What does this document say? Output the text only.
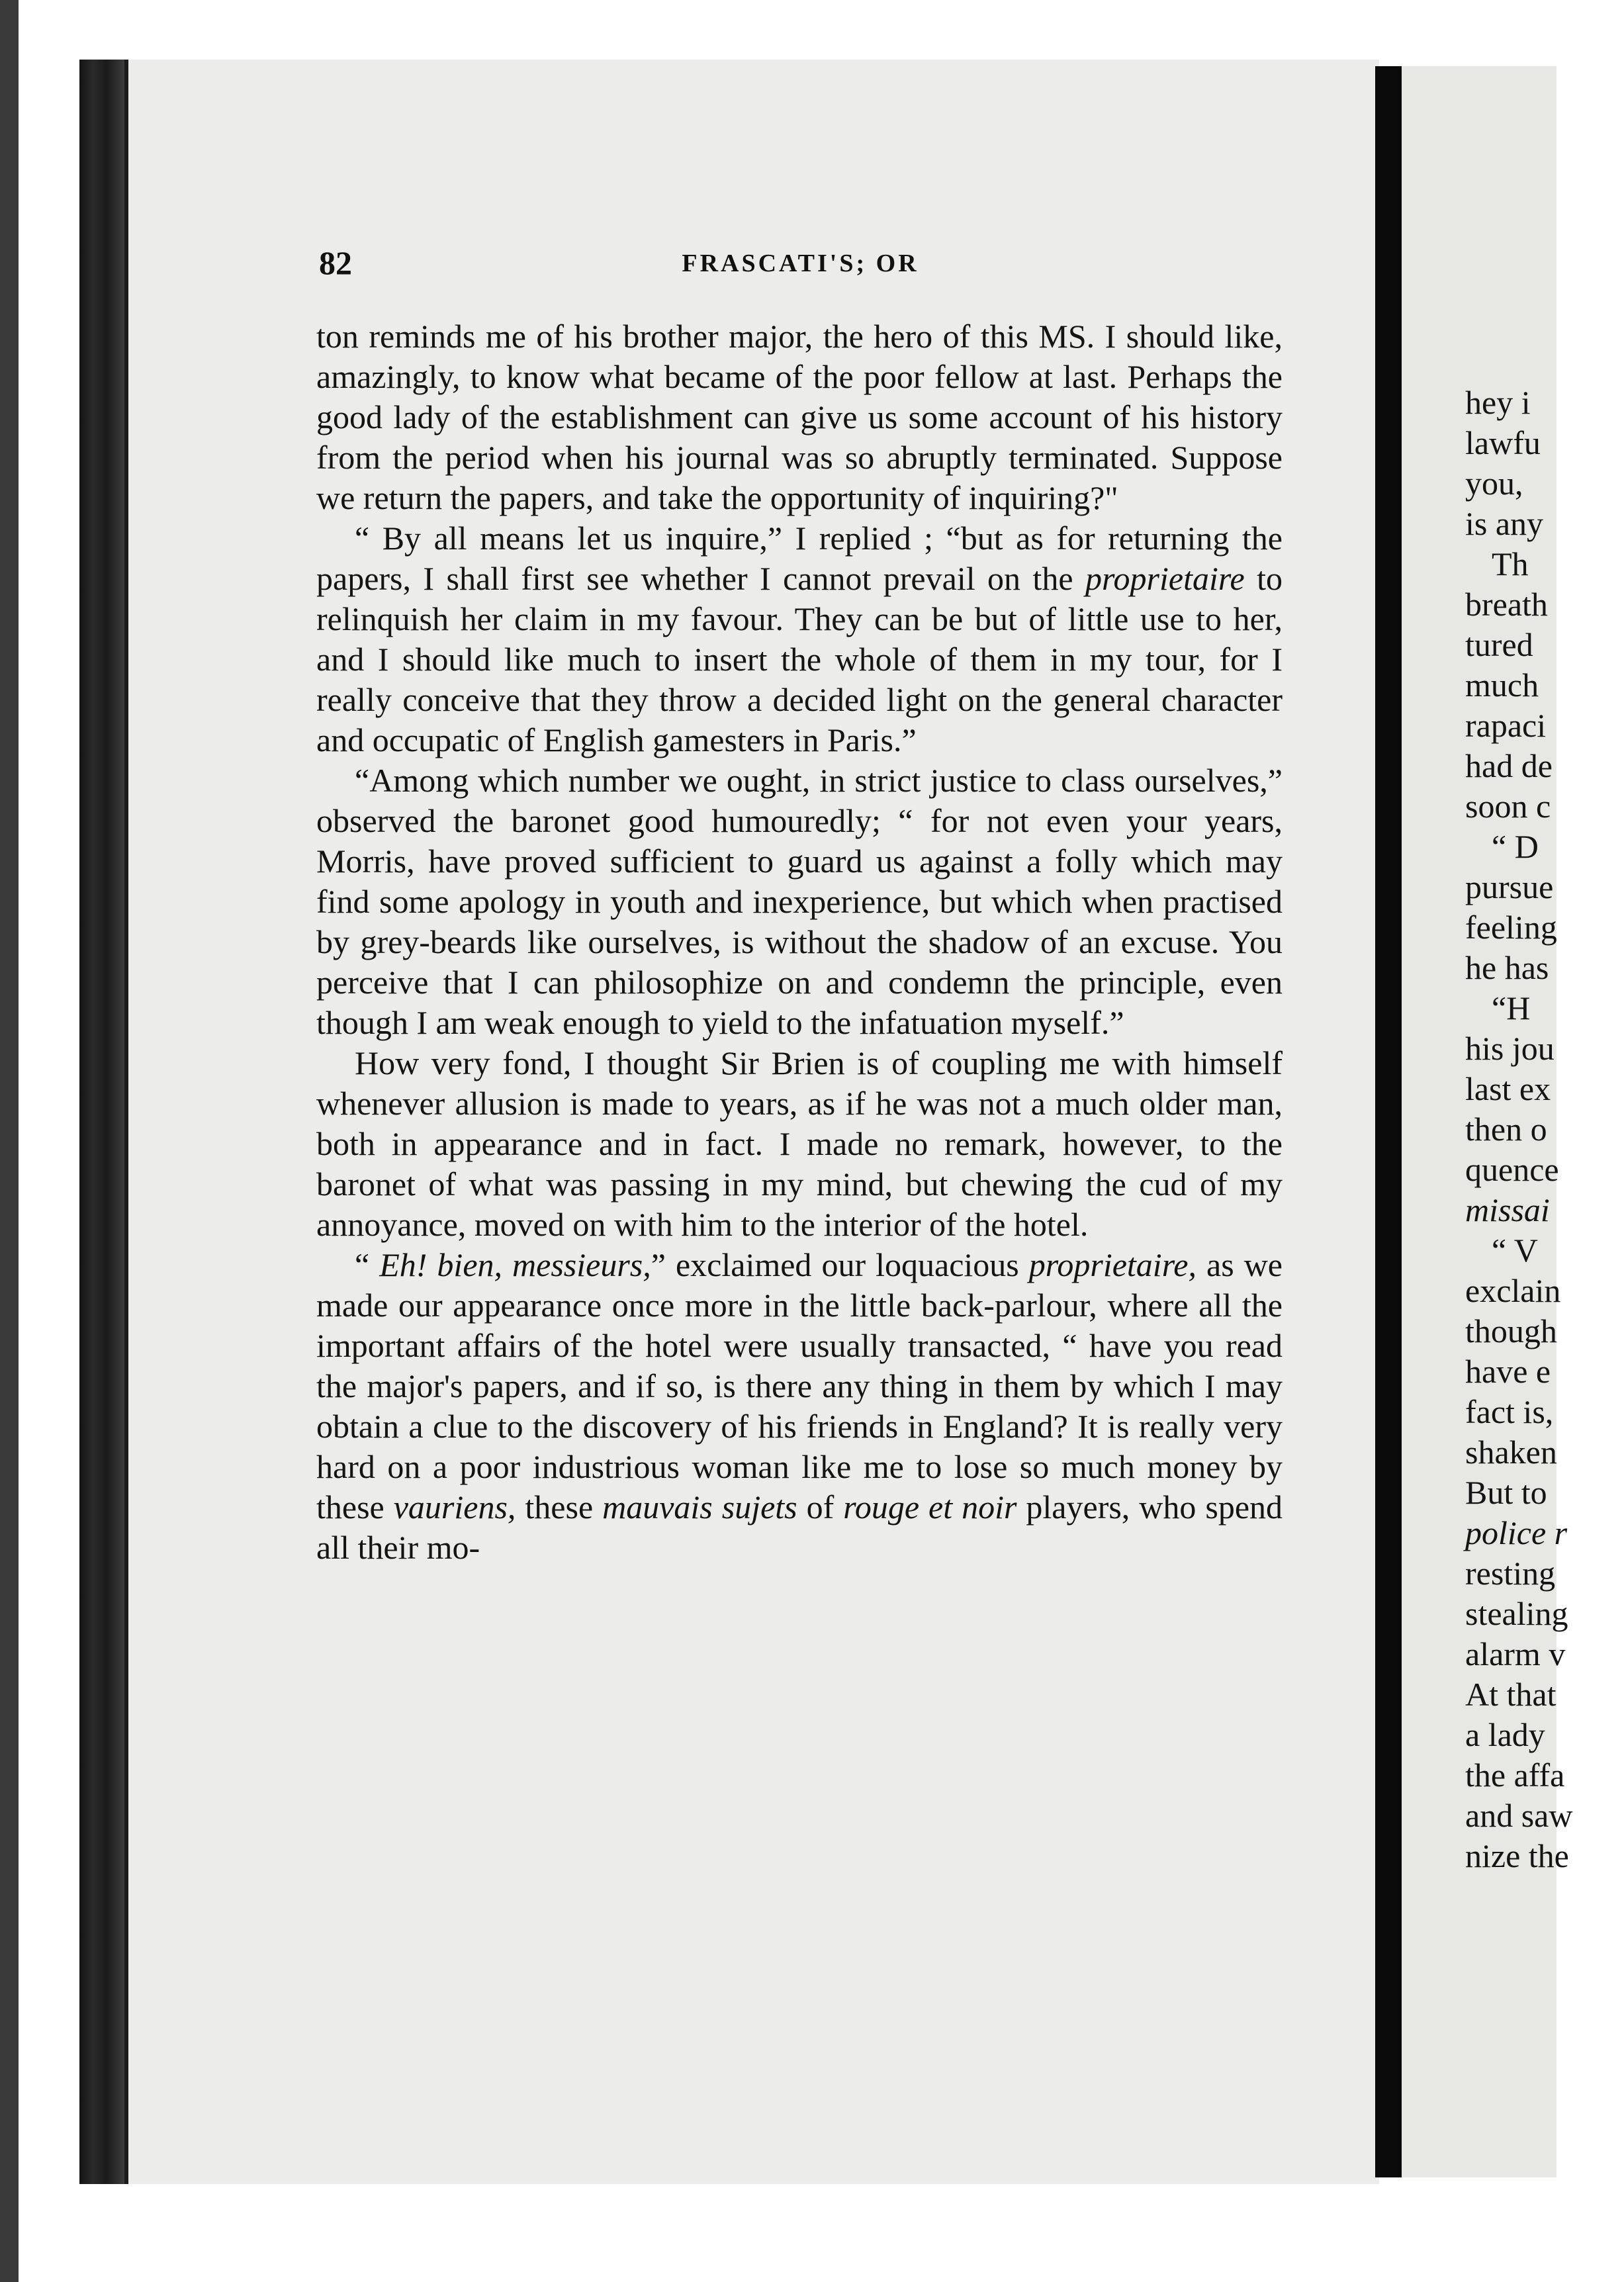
82	FRASCATI'S; OR

ton reminds me of his brother major, the hero of this MS. I should like, amazingly, to know what became of the poor fellow at last. Perhaps the good lady of the establishment can give us some account of his history from the period when his journal was so abruptly terminated. Suppose we return the papers, and take the opportunity of inquiring?"

“ By all means let us inquire,” I replied ; “but as for returning the papers, I shall first see whether I cannot prevail on the proprietaire to relinquish her claim in my favour. They can be but of little use to her, and I should like much to insert the whole of them in my tour, for I really conceive that they throw a decided light on the general character and occupatic of English gamesters in Paris.”

“Among which number we ought, in strict justice to class ourselves,” observed the baronet good humouredly; “ for not even your years, Morris, have proved sufficient to guard us against a folly which may find some apology in youth and inexperience, but which when practised by grey-beards like ourselves, is without the shadow of an excuse. You perceive that I can philosophize on and condemn the principle, even though I am weak enough to yield to the infatuation myself.”

How very fond, I thought Sir Brien is of coupling me with himself whenever allusion is made to years, as if he was not a much older man, both in appearance and in fact. I made no remark, however, to the baronet of what was passing in my mind, but chewing the cud of my annoyance, moved on with him to the interior of the hotel.

“ Eh! bien, messieurs,” exclaimed our loquacious proprietaire, as we made our appearance once more in the little back-parlour, where all the important affairs of the hotel were usually transacted, “ have you read the major's papers, and if so, is there any thing in them by which I may obtain a clue to the discovery of his friends in England? It is really very hard on a poor industrious woman like me to lose so much money by these vauriens, these mauvais sujets of rouge et noir players, who spend all their mo-

hey i
lawfu
you,
is any
Th
breath
tured
much
rapaci
had de
soon c
“ D
pursue
feeling
he has
“H
his jou
last ex
then o
quence
missai
“ V
exclain
though
have e
fact is,
shaken
But to
police r
resting
stealing
alarm v
At that
a lady
the affa
and saw
nize the
